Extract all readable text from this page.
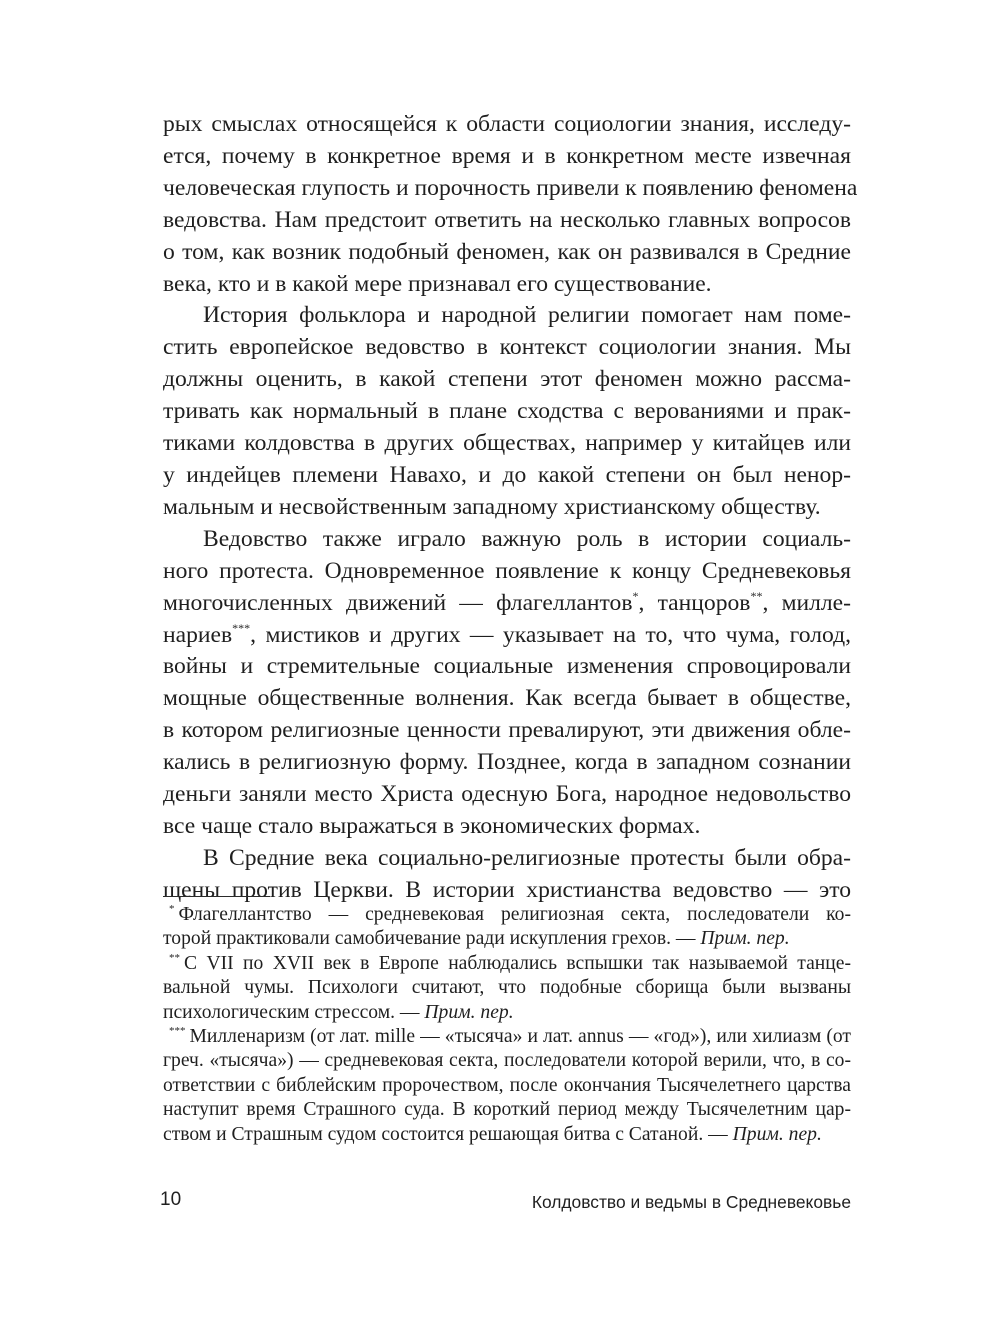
рых смыслах относящейся к области социологии знания, исследу-
ется, почему в конкретное время и в конкретном месте извечная
человеческая глупость и порочность привели к появлению феномена
ведовства. Нам предстоит ответить на несколько главных вопросов
о том, как возник подобный феномен, как он развивался в Средние
века, кто и в какой мере признавал его существование.
История фольклора и народной религии помогает нам поме-
стить европейское ведовство в контекст социологии знания. Мы
должны оценить, в какой степени этот феномен можно рассма-
тривать как нормальный в плане сходства с верованиями и прак-
тиками колдовства в других обществах, например у китайцев или
у индейцев племени Навахо, и до какой степени он был ненор-
мальным и несвойственным западному христианскому обществу.
Ведовство также играло важную роль в истории социаль-
ного протеста. Одновременное появление к концу Средневековья
многочисленных движений — флагеллантов*, танцоров**, милле-
нариев***, мистиков и других — указывает на то, что чума, голод,
войны и стремительные социальные изменения спровоцировали
мощные общественные волнения. Как всегда бывает в обществе,
в котором религиозные ценности превалируют, эти движения обле-
кались в религиозную форму. Позднее, когда в западном сознании
деньги заняли место Христа одесную Бога, народное недовольство
все чаще стало выражаться в экономических формах.
В Средние века социально-религиозные протесты были обра-
щены против Церкви. В истории христианства ведовство — это
* Флагеллантство — средневековая религиозная секта, последователи ко-
торой практиковали самобичевание ради искупления грехов. — Прим. пер.
** С VII по XVII век в Европе наблюдались вспышки так называемой танце-
вальной чумы. Психологи считают, что подобные сборища были вызваны
психологическим стрессом. — Прим. пер.
*** Милленаризм (от лат. mille — «тысяча» и лат. annus — «год»), или хилиазм (от
греч. «тысяча») — средневековая секта, последователи которой верили, что, в со-
ответствии с библейским пророчеством, после окончания Тысячелетнего царства
наступит время Страшного суда. В короткий период между Тысячелетним цар-
ством и Страшным судом состоится решающая битва с Сатаной. — Прим. пер.
10	Колдовство и ведьмы в Средневековье
